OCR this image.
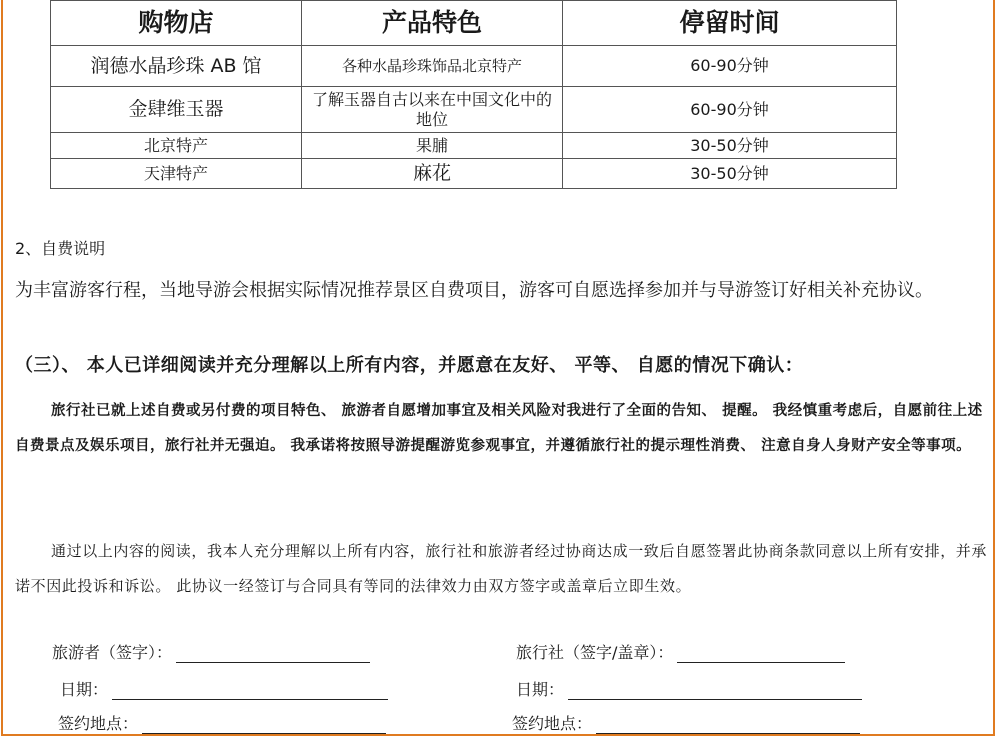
购物店	产品特色	停留时间
润德水晶珍珠 AB 馆	各种水晶珍珠饰品北京特产	60-90分钟
金肆维玉器	了解玉器自古以来在中国文化中的地位	60-90分钟
北京特产	果脯	30-50分钟
天津特产	麻花	30-50分钟

2、自费说明

为丰富游客行程，当地导游会根据实际情况推荐景区自费项目，游客可自愿选择参加并与导游签订好相关补充协议。

（三）、 本人已详细阅读并充分理解以上所有内容，并愿意在友好、 平等、 自愿的情况下确认：

旅行社已就上述自费或另付费的项目特色、 旅游者自愿增加事宜及相关风险对我进行了全面的告知、 提醒。 我经慎重考虑后，自愿前往上述自费景点及娱乐项目，旅行社并无强迫。 我承诺将按照导游提醒游览参观事宜，并遵循旅行社的提示理性消费、 注意自身人身财产安全等事项。

通过以上内容的阅读，我本人充分理解以上所有内容，旅行社和旅游者经过协商达成一致后自愿签署此协商条款同意以上所有安排，并承诺不因此投诉和诉讼。 此协议一经签订与合同具有等同的法律效力由双方签字或盖章后立即生效。

旅游者（签字）：	旅行社（签字/盖章）：
日期：	日期：
签约地点：	签约地点：
